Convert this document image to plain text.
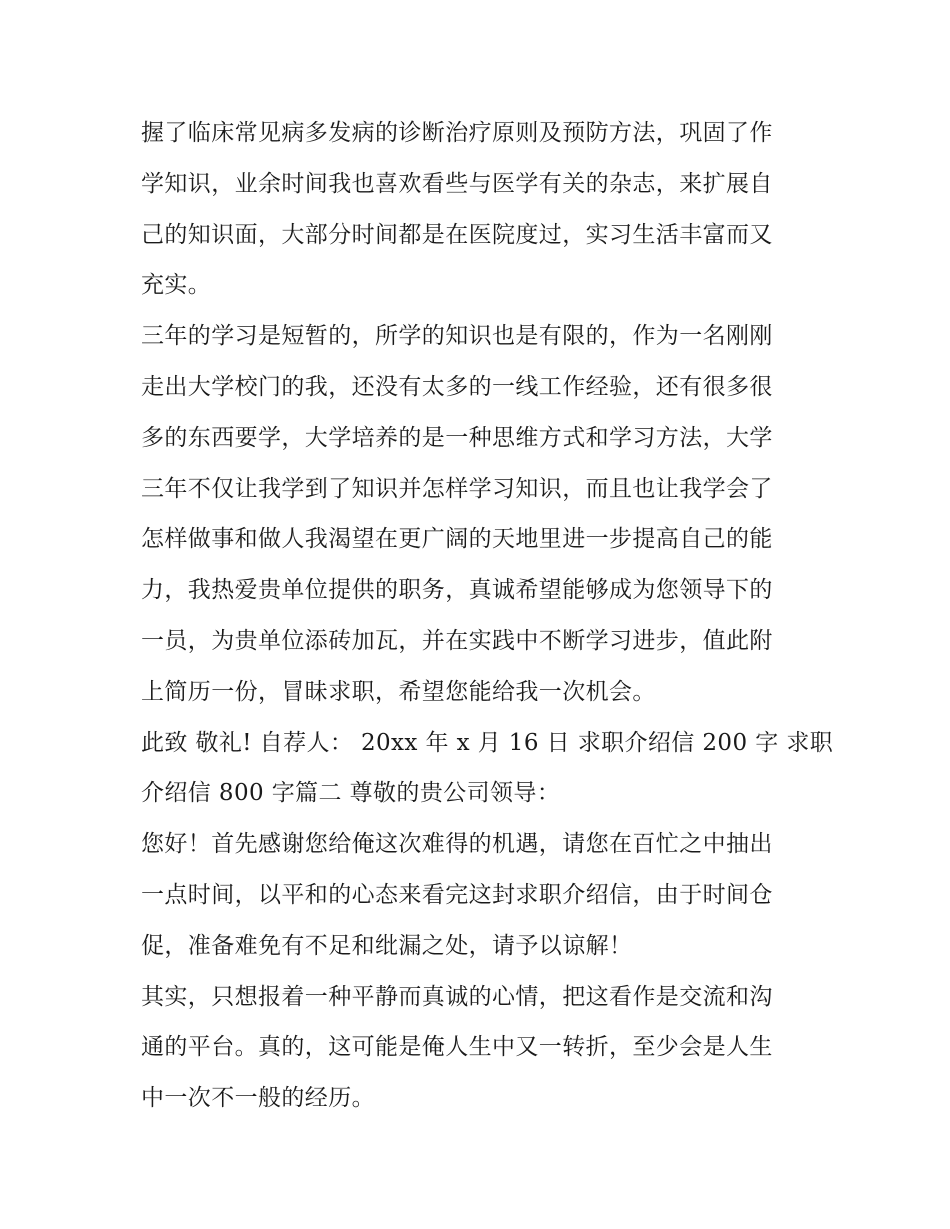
握了临床常见病多发病的诊断治疗原则及预防方法，巩固了作
学知识，业余时间我也喜欢看些与医学有关的杂志，来扩展自
己的知识面，大部分时间都是在医院度过，实习生活丰富而又
充实。
三年的学习是短暂的，所学的知识也是有限的，作为一名刚刚
走出大学校门的我，还没有太多的一线工作经验，还有很多很
多的东西要学，大学培养的是一种思维方式和学习方法，大学
三年不仅让我学到了知识并怎样学习知识，而且也让我学会了
怎样做事和做人我渴望在更广阔的天地里进一步提高自己的能
力，我热爱贵单位提供的职务，真诚希望能够成为您领导下的
一员，为贵单位添砖加瓦，并在实践中不断学习进步，值此附
上简历一份，冒昧求职，希望您能给我一次机会。
此致 敬礼! 自荐人： 20xx 年 x 月 16 日 求职介绍信 200 字 求职
介绍信 800 字篇二 尊敬的贵公司领导：
您好！首先感谢您给俺这次难得的机遇，请您在百忙之中抽出
一点时间，以平和的心态来看完这封求职介绍信，由于时间仓
促，准备难免有不足和纰漏之处，请予以谅解！
其实，只想报着一种平静而真诚的心情，把这看作是交流和沟
通的平台。真的，这可能是俺人生中又一转折，至少会是人生
中一次不一般的经历。
